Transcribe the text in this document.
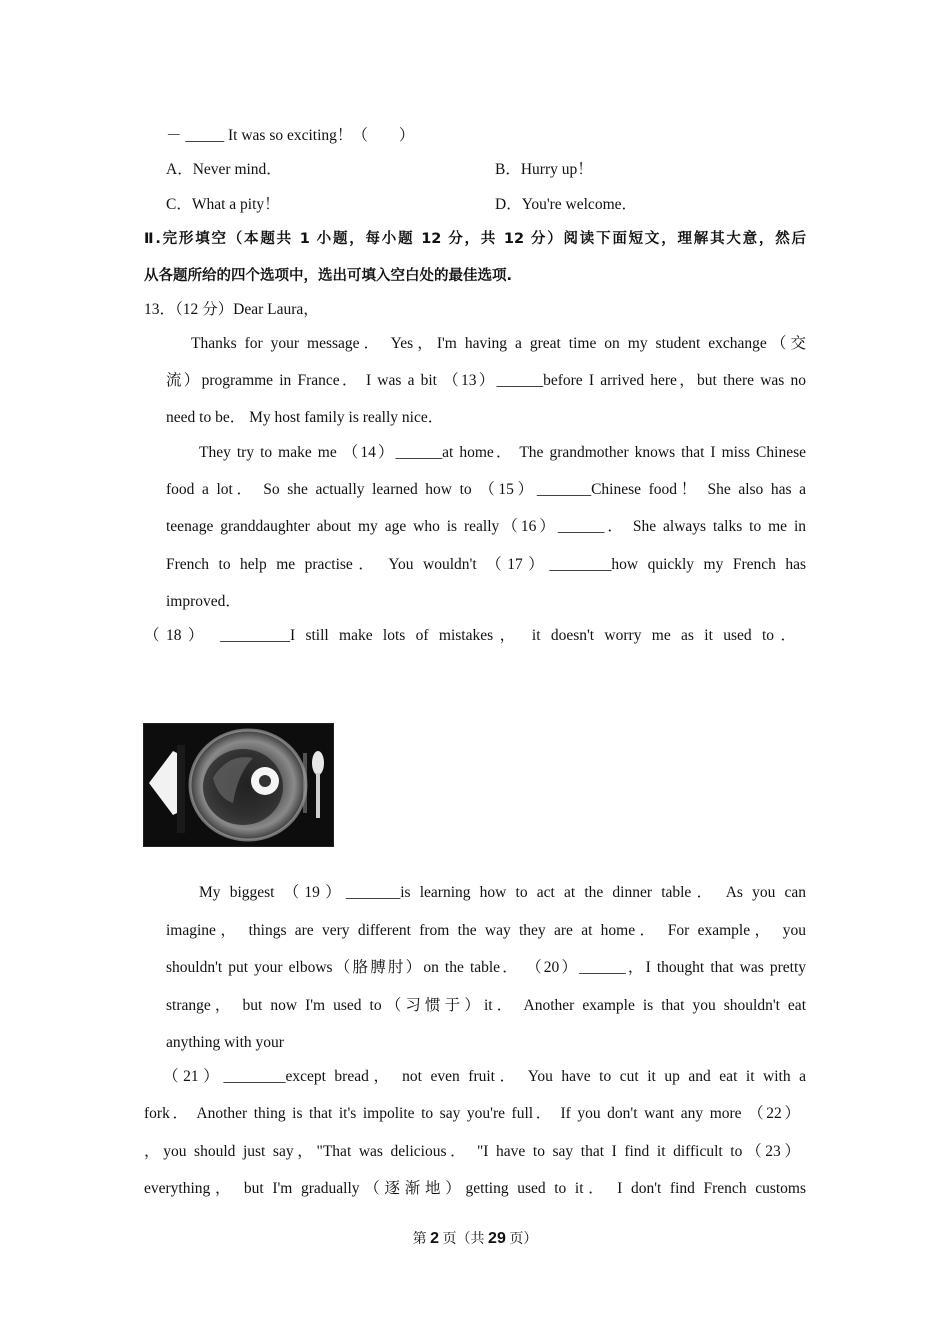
－ _____ It was so exciting！（　　）
A．Never mind．	B．Hurry up！
C．What a pity！	D．You're welcome．
Ⅱ.完形填空（本题共 1 小题，每小题 12 分，共 12 分）阅读下面短文，理解其大意，然后
从各题所给的四个选项中，选出可填入空白处的最佳选项.
13．（12 分）Dear Laura，
Thanks for your message． Yes，I'm having a great time on my student exchange（交
流）programme in France． I was a bit （13）______before I arrived here，but there was no
need to be． My host family is really nice．
They try to make me （14）______at home． The grandmother knows that I miss Chinese
food a lot． So she actually learned how to （15）_______Chinese food！ She also has a
teenage granddaughter about my age who is really（16）______． She always talks to me in
French to help me practise． You wouldn't （17）________how quickly my French has
improved．
（18） _________I still make lots of mistakes， it doesn't worry me as it used to．
My biggest （19）_______is learning how to act at the dinner table． As you can
imagine， things are very different from the way they are at home． For example， you
shouldn't put your elbows（胳膊肘）on the table． （20）______，I thought that was pretty
strange， but now I'm used to（习惯于）it． Another example is that you shouldn't eat
anything with your
（21）________except bread， not even fruit． You have to cut it up and eat it with a
fork． Another thing is that it's impolite to say you're full． If you don't want any more （22）
，you should just say，"That was delicious． "I have to say that I find it difficult to（23）
everything， but I'm gradually（逐渐地）getting used to it． I don't find French customs
第 2 页（共 29 页）
